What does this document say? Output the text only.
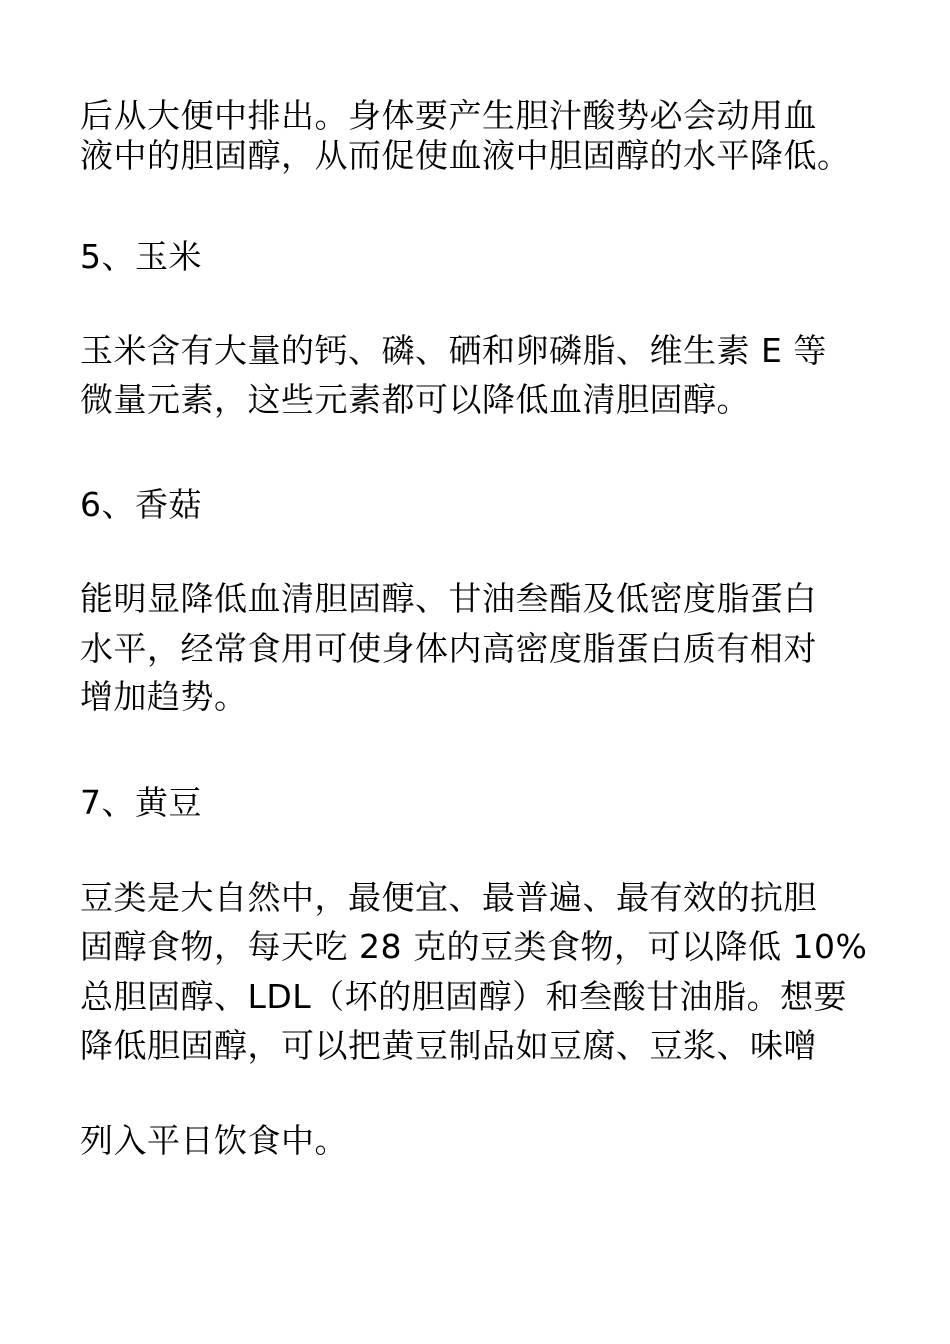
后从大便中排出。身体要产生胆汁酸势必会动用血
液中的胆固醇，从而促使血液中胆固醇的水平降低。
5、玉米
玉米含有大量的钙、磷、硒和卵磷脂、维生素 E 等
微量元素，这些元素都可以降低血清胆固醇。
6、香菇
能明显降低血清胆固醇、甘油叁酯及低密度脂蛋白
水平，经常食用可使身体内高密度脂蛋白质有相对
增加趋势。
7、黄豆
豆类是大自然中，最便宜、最普遍、最有效的抗胆
固醇食物，每天吃 28 克的豆类食物，可以降低 10%
总胆固醇、LDL（坏的胆固醇）和叁酸甘油脂。想要
降低胆固醇，可以把黄豆制品如豆腐、豆浆、味噌
列入平日饮食中。
